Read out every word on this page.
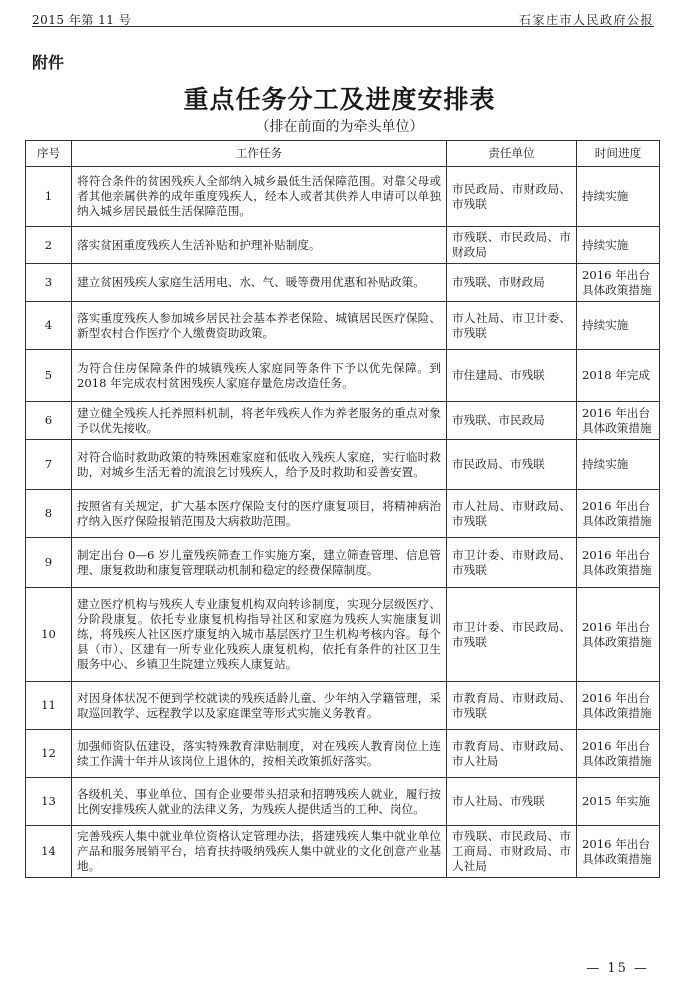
2015 年第 11 号	石家庄市人民政府公报
附件
重点任务分工及进度安排表
（排在前面的为牵头单位）
序号	工作任务	责任单位	时间进度
1	将符合条件的贫困残疾人全部纳入城乡最低生活保障范围。对靠父母或者其他亲属供养的成年重度残疾人，经本人或者其供养人申请可以单独纳入城乡居民最低生活保障范围。	市民政局、市财政局、市残联	持续实施
2	落实贫困重度残疾人生活补贴和护理补贴制度。	市残联、市民政局、市财政局	持续实施
3	建立贫困残疾人家庭生活用电、水、气、暖等费用优惠和补贴政策。	市残联、市财政局	2016 年出台具体政策措施
4	落实重度残疾人参加城乡居民社会基本养老保险、城镇居民医疗保险、新型农村合作医疗个人缴费资助政策。	市人社局、市卫计委、市残联	持续实施
5	为符合住房保障条件的城镇残疾人家庭同等条件下予以优先保障。到 2018 年完成农村贫困残疾人家庭存量危房改造任务。	市住建局、市残联	2018 年完成
6	建立健全残疾人托养照料机制，将老年残疾人作为养老服务的重点对象予以优先接收。	市残联、市民政局	2016 年出台具体政策措施
7	对符合临时救助政策的特殊困难家庭和低收入残疾人家庭，实行临时救助，对城乡生活无着的流浪乞讨残疾人，给予及时救助和妥善安置。	市民政局、市残联	持续实施
8	按照省有关规定，扩大基本医疗保险支付的医疗康复项目，将精神病治疗纳入医疗保险报销范围及大病救助范围。	市人社局、市财政局、市残联	2016 年出台具体政策措施
9	制定出台 0—6 岁儿童残疾筛查工作实施方案，建立筛查管理、信息管理、康复救助和康复管理联动机制和稳定的经费保障制度。	市卫计委、市财政局、市残联	2016 年出台具体政策措施
10	建立医疗机构与残疾人专业康复机构双向转诊制度，实现分层级医疗、分阶段康复。依托专业康复机构指导社区和家庭为残疾人实施康复训练，将残疾人社区医疗康复纳入城市基层医疗卫生机构考核内容。每个县（市）、区建有一所专业化残疾人康复机构，依托有条件的社区卫生服务中心、乡镇卫生院建立残疾人康复站。	市卫计委、市民政局、市残联	2016 年出台具体政策措施
11	对因身体状况不便到学校就读的残疾适龄儿童、少年纳入学籍管理，采取巡回教学、远程教学以及家庭课堂等形式实施义务教育。	市教育局、市财政局、市残联	2016 年出台具体政策措施
12	加强师资队伍建设，落实特殊教育津贴制度，对在残疾人教育岗位上连续工作满十年并从该岗位上退休的，按相关政策抓好落实。	市教育局、市财政局、市人社局	2016 年出台具体政策措施
13	各级机关、事业单位、国有企业要带头招录和招聘残疾人就业，履行按比例安排残疾人就业的法律义务，为残疾人提供适当的工种、岗位。	市人社局、市残联	2015 年实施
14	完善残疾人集中就业单位资格认定管理办法，搭建残疾人集中就业单位产品和服务展销平台，培育扶持吸纳残疾人集中就业的文化创意产业基地。	市残联、市民政局、市工商局、市财政局、市人社局	2016 年出台具体政策措施
— 15 —
